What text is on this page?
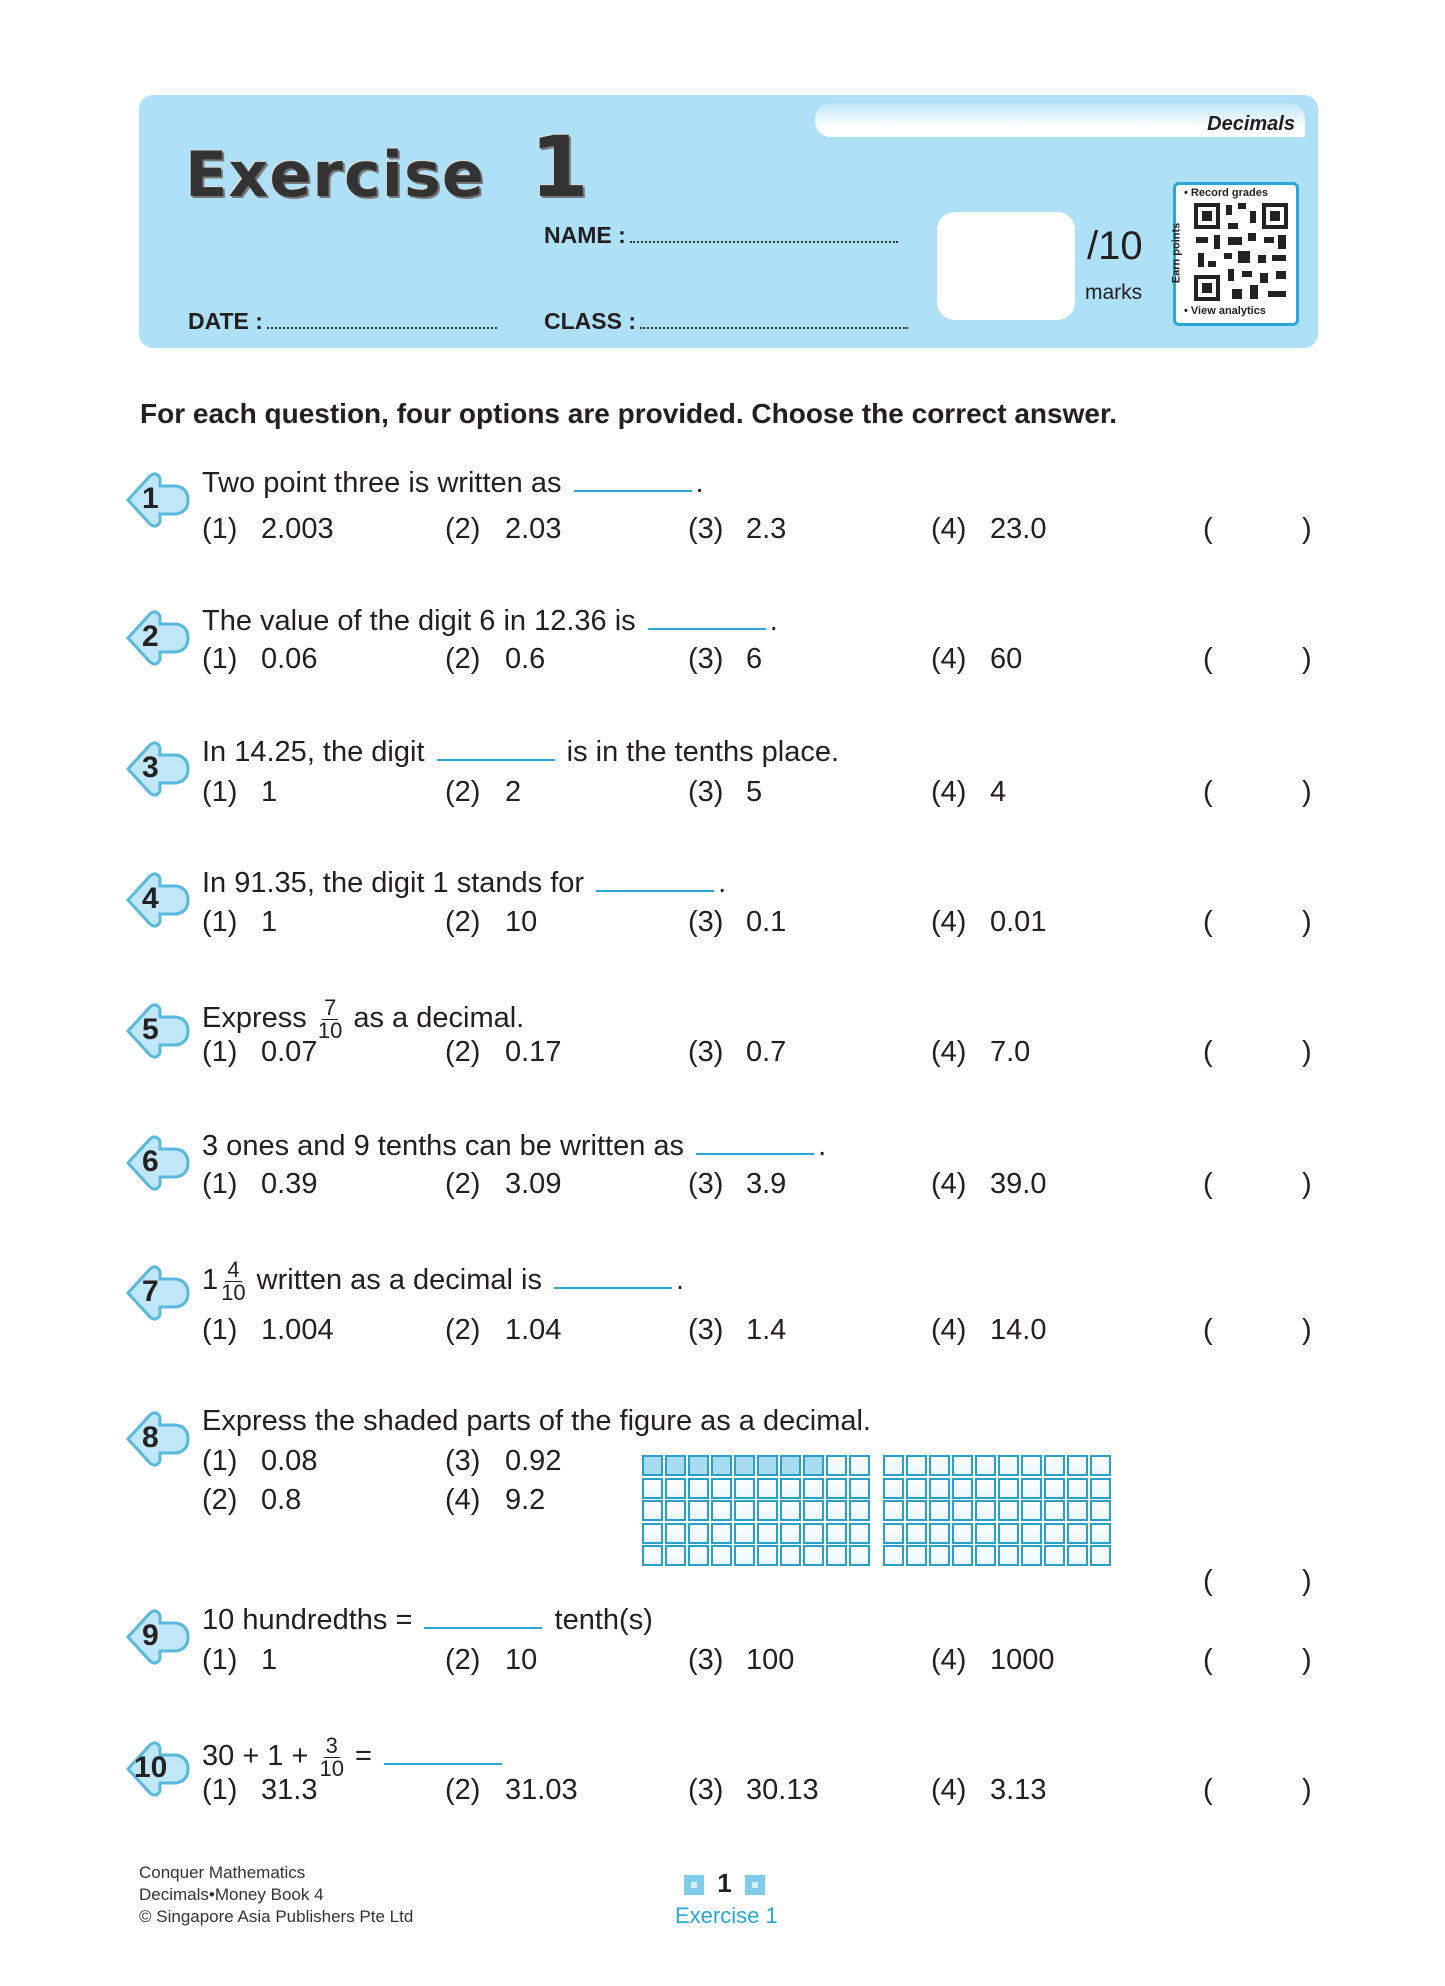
Decimals
Exercise 1
NAME :
DATE :	CLASS :
/10
marks
• Record grades
Earn points
• View analytics
For each question, four options are provided. Choose the correct answer.
1 Two point three is written as	.
(1) 2.003	(2) 2.03	(3) 2.3	(4) 23.0	(	)
2 The value of the digit 6 in 12.36 is	.
(1) 0.06	(2) 0.6	(3) 6	(4) 60	(	)
3 In 14.25, the digit	is in the tenths place.
(1) 1	(2) 2	(3) 5	(4) 4	(	)
4 In 91.35, the digit 1 stands for	.
(1) 1	(2) 10	(3) 0.1	(4) 0.01	(	)
5 Express $\frac{7}{10}$ as a decimal.
(1) 0.07	(2) 0.17	(3) 0.7	(4) 7.0	(	)
6 3 ones and 9 tenths can be written as	.
(1) 0.39	(2) 3.09	(3) 3.9	(4) 39.0	(	)
7 $1 \frac{4}{10}$ written as a decimal is	.
(1) 1.004	(2) 1.04	(3) 1.4	(4) 14.0	(	)
8 Express the shaded parts of the figure as a decimal.
(1) 0.08	(3) 0.92
(2) 0.8	(4) 9.2
(	)
9 10 hundredths =	tenth(s)
(1) 1	(2) 10	(3) 100	(4) 1000	(	)
10 $30 + 1 + \frac{3}{10}$ =
(1) 31.3	(2) 31.03	(3) 30.13	(4) 3.13	(	)
Conquer Mathematics
Decimals•Money Book 4
© Singapore Asia Publishers Pte Ltd
1
Exercise 1
